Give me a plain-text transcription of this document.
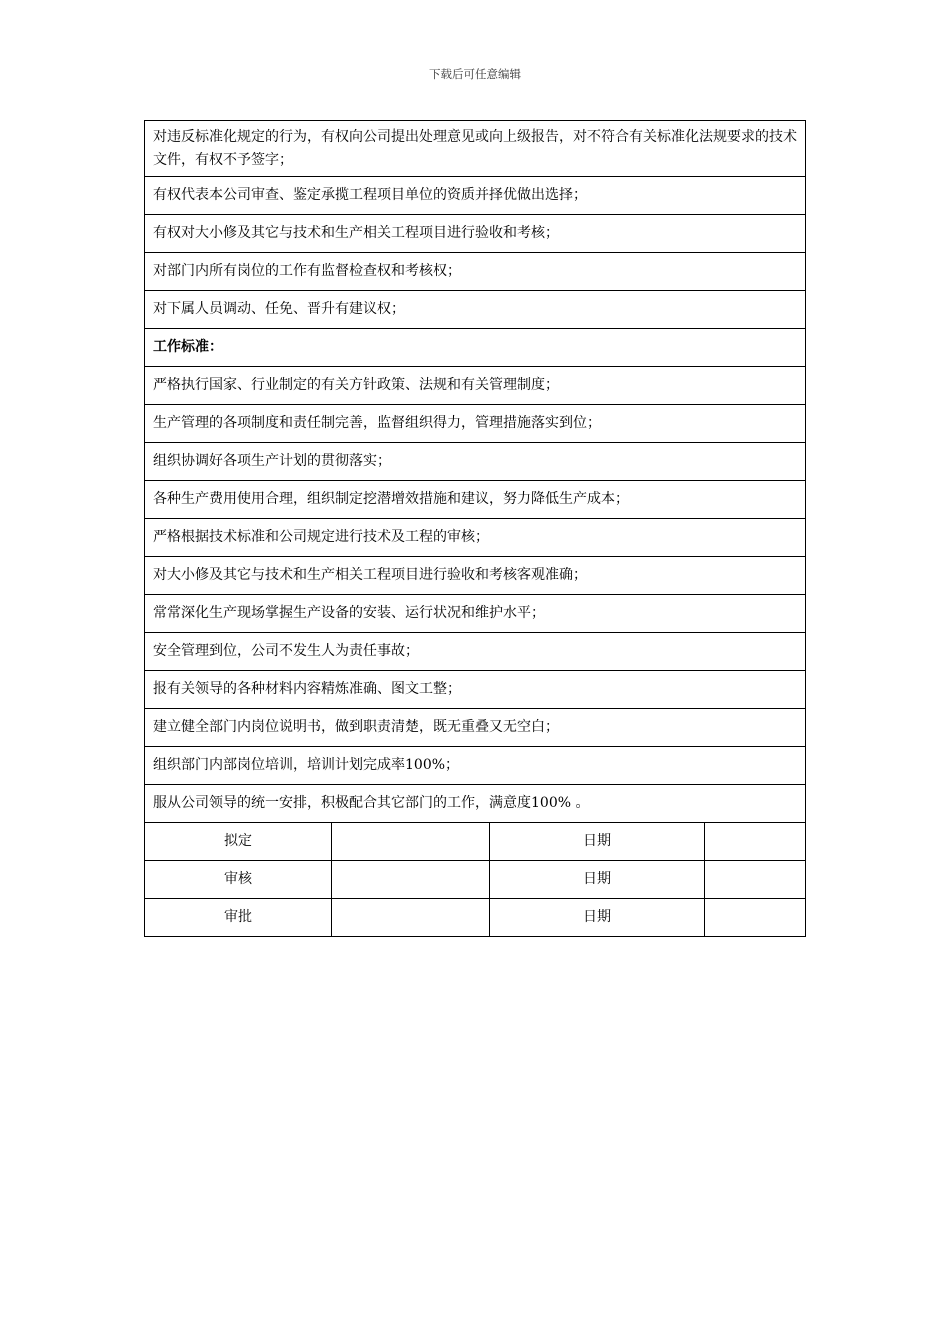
下载后可任意编辑
对违反标准化规定的行为，有权向公司提出处理意见或向上级报告，对不符合有关标准化法规要求的技术文件，有权不予签字；			
有权代表本公司审查、鉴定承揽工程项目单位的资质并择优做出选择；			
有权对大小修及其它与技术和生产相关工程项目进行验收和考核；			
对部门内所有岗位的工作有监督检查权和考核权；			
对下属人员调动、任免、晋升有建议权；			
工作标准：			
严格执行国家、行业制定的有关方针政策、法规和有关管理制度；			
生产管理的各项制度和责任制完善，监督组织得力，管理措施落实到位；			
组织协调好各项生产计划的贯彻落实；			
各种生产费用使用合理，组织制定挖潜增效措施和建议，努力降低生产成本；			
严格根据技术标准和公司规定进行技术及工程的审核；			
对大小修及其它与技术和生产相关工程项目进行验收和考核客观准确；			
常常深化生产现场掌握生产设备的安装、运行状况和维护水平；			
安全管理到位，公司不发生人为责任事故；			
报有关领导的各种材料内容精炼准确、图文工整；			
建立健全部门内岗位说明书，做到职责清楚，既无重叠又无空白；			
组织部门内部岗位培训，培训计划完成率100%；			
服从公司领导的统一安排，积极配合其它部门的工作，满意度100% 。			
拟定		日期	
审核		日期	
审批		日期	
